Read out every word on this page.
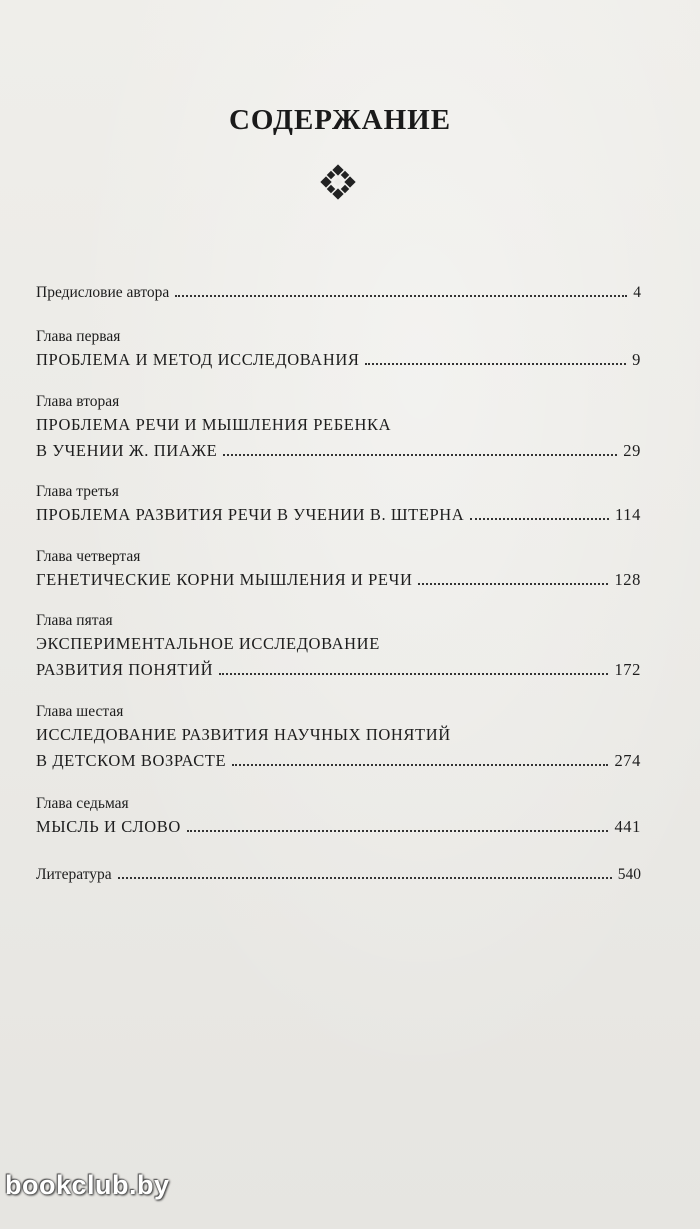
СОДЕРЖАНИЕ
Предисловие автора	4
Глава первая
ПРОБЛЕМА И МЕТОД ИССЛЕДОВАНИЯ	9
Глава вторая
ПРОБЛЕМА РЕЧИ И МЫШЛЕНИЯ РЕБЕНКА
В УЧЕНИИ Ж. ПИАЖЕ	29
Глава третья
ПРОБЛЕМА РАЗВИТИЯ РЕЧИ В УЧЕНИИ В. ШТЕРНА	114
Глава четвертая
ГЕНЕТИЧЕСКИЕ КОРНИ МЫШЛЕНИЯ И РЕЧИ	128
Глава пятая
ЭКСПЕРИМЕНТАЛЬНОЕ ИССЛЕДОВАНИЕ
РАЗВИТИЯ ПОНЯТИЙ	172
Глава шестая
ИССЛЕДОВАНИЕ РАЗВИТИЯ НАУЧНЫХ ПОНЯТИЙ
В ДЕТСКОМ ВОЗРАСТЕ	274
Глава седьмая
МЫСЛЬ И СЛОВО	441
Литература	540
bookclub.by
